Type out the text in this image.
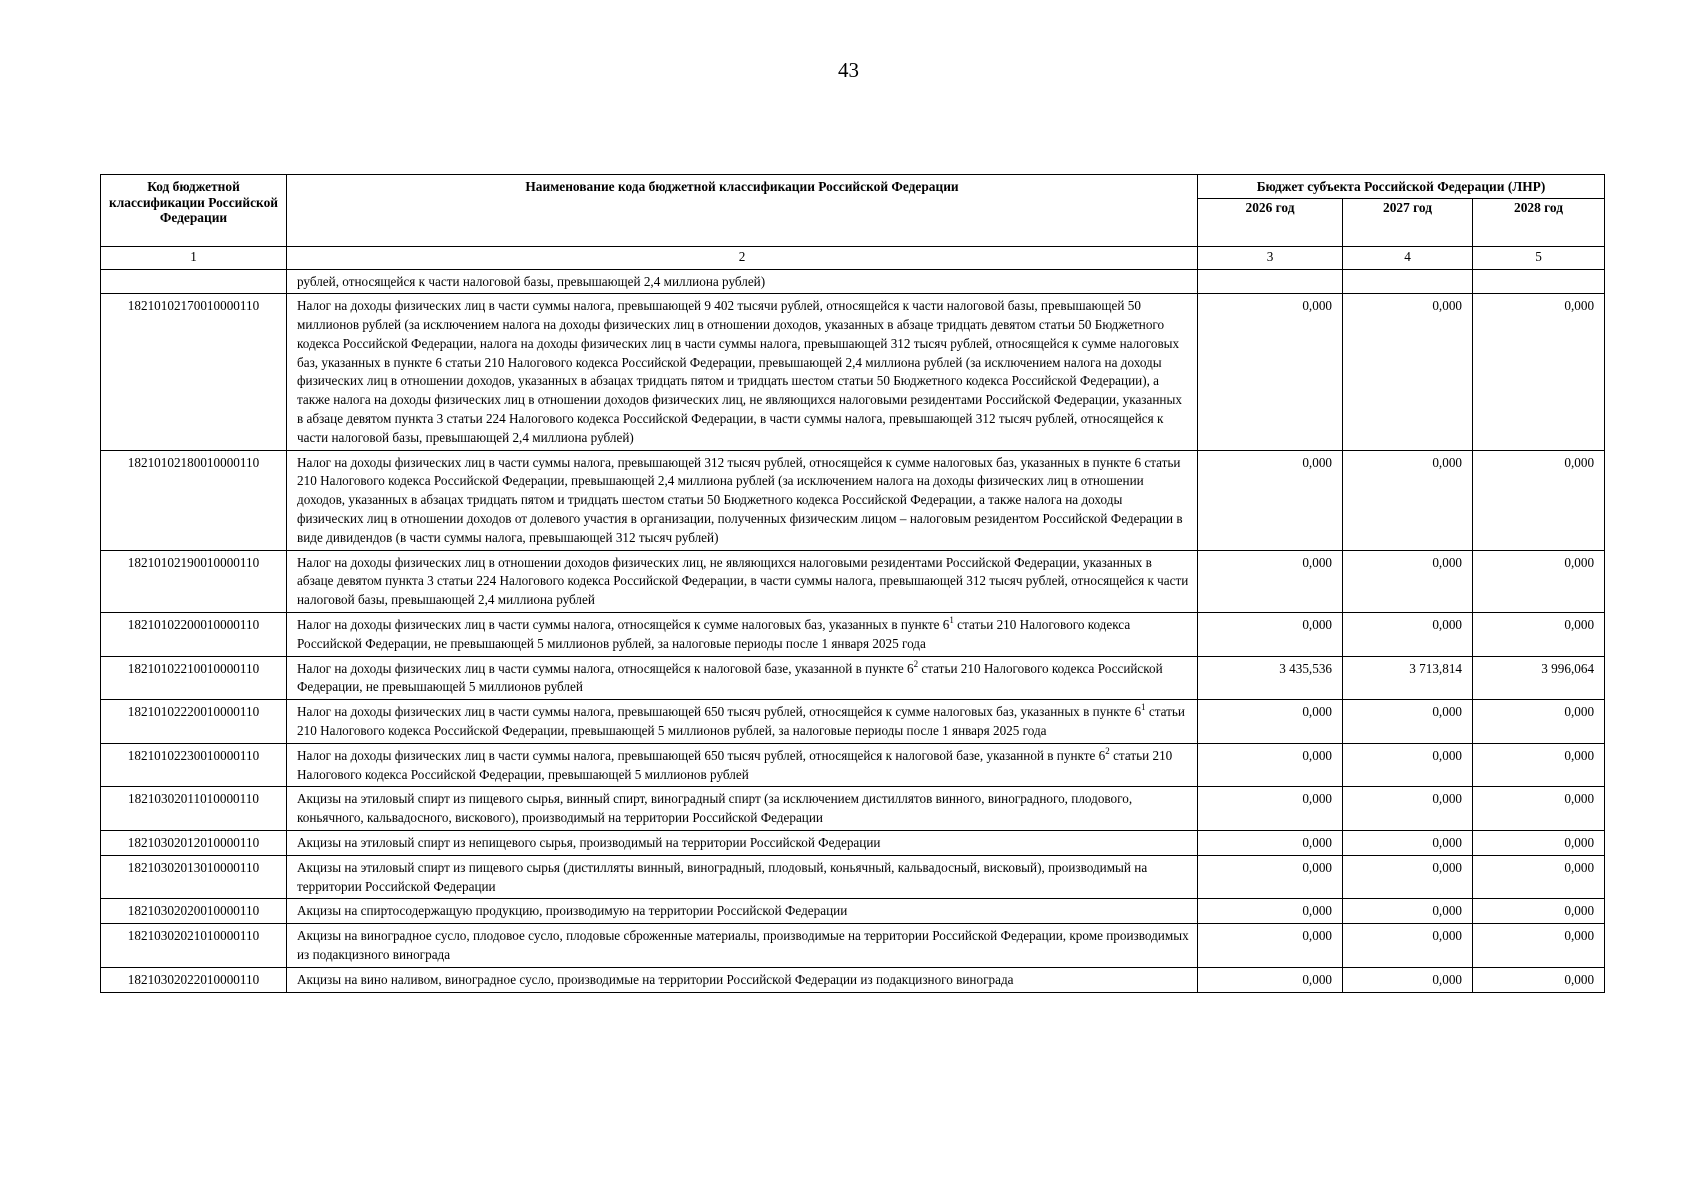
43
Код бюджетной классификации Российской Федерации	Наименование кода бюджетной классификации Российской Федерации	Бюджет субъекта Российской Федерации (ЛНР)		
		2026 год	2027 год	2028 год
1	2	3	4	5
	рублей, относящейся к части налоговой базы, превышающей 2,4 миллиона рублей)			
18210102170010000110	Налог на доходы физических лиц в части суммы налога, превышающей 9 402 тысячи рублей, относящейся к части налоговой базы, превышающей 50 миллионов рублей (за исключением налога на доходы физических лиц в отношении доходов, указанных в абзаце тридцать девятом статьи 50 Бюджетного кодекса Российской Федерации, налога на доходы физических лиц в части суммы налога, превышающей 312 тысяч рублей, относящейся к сумме налоговых баз, указанных в пункте 6 статьи 210 Налогового кодекса Российской Федерации, превышающей 2,4 миллиона рублей (за исключением налога на доходы физических лиц в отношении доходов, указанных в абзацах тридцать пятом и тридцать шестом статьи 50 Бюджетного кодекса Российской Федерации), а также налога на доходы физических лиц в отношении доходов физических лиц, не являющихся налоговыми резидентами Российской Федерации, указанных в абзаце девятом пункта 3 статьи 224 Налогового кодекса Российской Федерации, в части суммы налога, превышающей 312 тысяч рублей, относящейся к части налоговой базы, превышающей 2,4 миллиона рублей)	0,000	0,000	0,000
18210102180010000110	Налог на доходы физических лиц в части суммы налога, превышающей 312 тысяч рублей, относящейся к сумме налоговых баз, указанных в пункте 6 статьи 210 Налогового кодекса Российской Федерации, превышающей 2,4 миллиона рублей (за исключением налога на доходы физических лиц в отношении доходов, указанных в абзацах тридцать пятом и тридцать шестом статьи 50 Бюджетного кодекса Российской Федерации, а также налога на доходы физических лиц в отношении доходов от долевого участия в организации, полученных физическим лицом – налоговым резидентом Российской Федерации в виде дивидендов (в части суммы налога, превышающей 312 тысяч рублей)	0,000	0,000	0,000
18210102190010000110	Налог на доходы физических лиц в отношении доходов физических лиц, не являющихся налоговыми резидентами Российской Федерации, указанных в абзаце девятом пункта 3 статьи 224 Налогового кодекса Российской Федерации, в части суммы налога, превышающей 312 тысяч рублей, относящейся к части налоговой базы, превышающей 2,4 миллиона рублей	0,000	0,000	0,000
18210102200010000110	Налог на доходы физических лиц в части суммы налога, относящейся к сумме налоговых баз, указанных в пункте $6^1$ статьи 210 Налогового кодекса Российской Федерации, не превышающей 5 миллионов рублей, за налоговые периоды после 1 января 2025 года	0,000	0,000	0,000
18210102210010000110	Налог на доходы физических лиц в части суммы налога, относящейся к налоговой базе, указанной в пункте $6^2$ статьи 210 Налогового кодекса Российской Федерации, не превышающей 5 миллионов рублей	3 435,536	3 713,814	3 996,064
18210102220010000110	Налог на доходы физических лиц в части суммы налога, превышающей 650 тысяч рублей, относящейся к сумме налоговых баз, указанных в пункте $6^1$ статьи 210 Налогового кодекса Российской Федерации, превышающей 5 миллионов рублей, за налоговые периоды после 1 января 2025 года	0,000	0,000	0,000
18210102230010000110	Налог на доходы физических лиц в части суммы налога, превышающей 650 тысяч рублей, относящейся к налоговой базе, указанной в пункте $6^2$ статьи 210 Налогового кодекса Российской Федерации, превышающей 5 миллионов рублей	0,000	0,000	0,000
18210302011010000110	Акцизы на этиловый спирт из пищевого сырья, винный спирт, виноградный спирт (за исключением дистиллятов винного, виноградного, плодового, коньячного, кальвадосного, вискового), производимый на территории Российской Федерации	0,000	0,000	0,000
18210302012010000110	Акцизы на этиловый спирт из непищевого сырья, производимый на территории Российской Федерации	0,000	0,000	0,000
18210302013010000110	Акцизы на этиловый спирт из пищевого сырья (дистилляты винный, виноградный, плодовый, коньячный, кальвадосный, висковый), производимый на территории Российской Федерации	0,000	0,000	0,000
18210302020010000110	Акцизы на спиртосодержащую продукцию, производимую на территории Российской Федерации	0,000	0,000	0,000
18210302021010000110	Акцизы на виноградное сусло, плодовое сусло, плодовые сброженные материалы, производимые на территории Российской Федерации, кроме производимых из подакцизного винограда	0,000	0,000	0,000
18210302022010000110	Акцизы на вино наливом, виноградное сусло, производимые на территории Российской Федерации из подакцизного винограда	0,000	0,000	0,000
